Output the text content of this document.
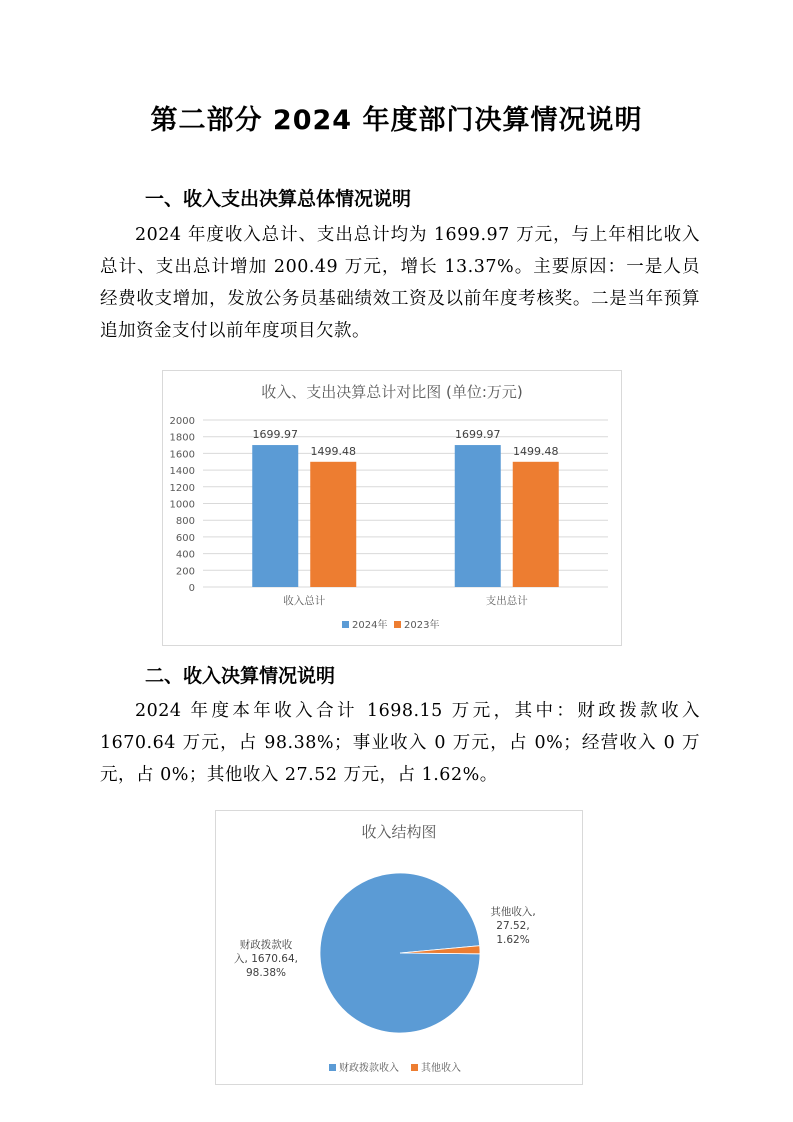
第二部分 2024 年度部门决算情况说明
一、收入支出决算总体情况说明
2024 年度收入总计、支出总计均为 1699.97 万元，与上年相比收入总计、支出总计增加 200.49 万元，增长 13.37%。主要原因：一是人员经费收支增加，发放公务员基础绩效工资及以前年度考核奖。二是当年预算追加资金支付以前年度项目欠款。
收入、支出决算总计对比图 (单位:万元)
0
200
400
600
800
1000
1200
1400
1600
1800
2000
1699.97
1499.48
收入总计
1699.97
1499.48
支出总计
2024年 2023年
二、收入决算情况说明
2024 年度本年收入合计 1698.15 万元，其中：财政拨款收入 1670.64 万元，占 98.38%；事业收入 0 万元，占 0%；经营收入 0 万元，占 0%；其他收入 27.52 万元，占 1.62%。
收入结构图
财政拨款收
入, 1670.64,
98.38%
其他收入,
27.52,
1.62%
财政拨款收入 其他收入
